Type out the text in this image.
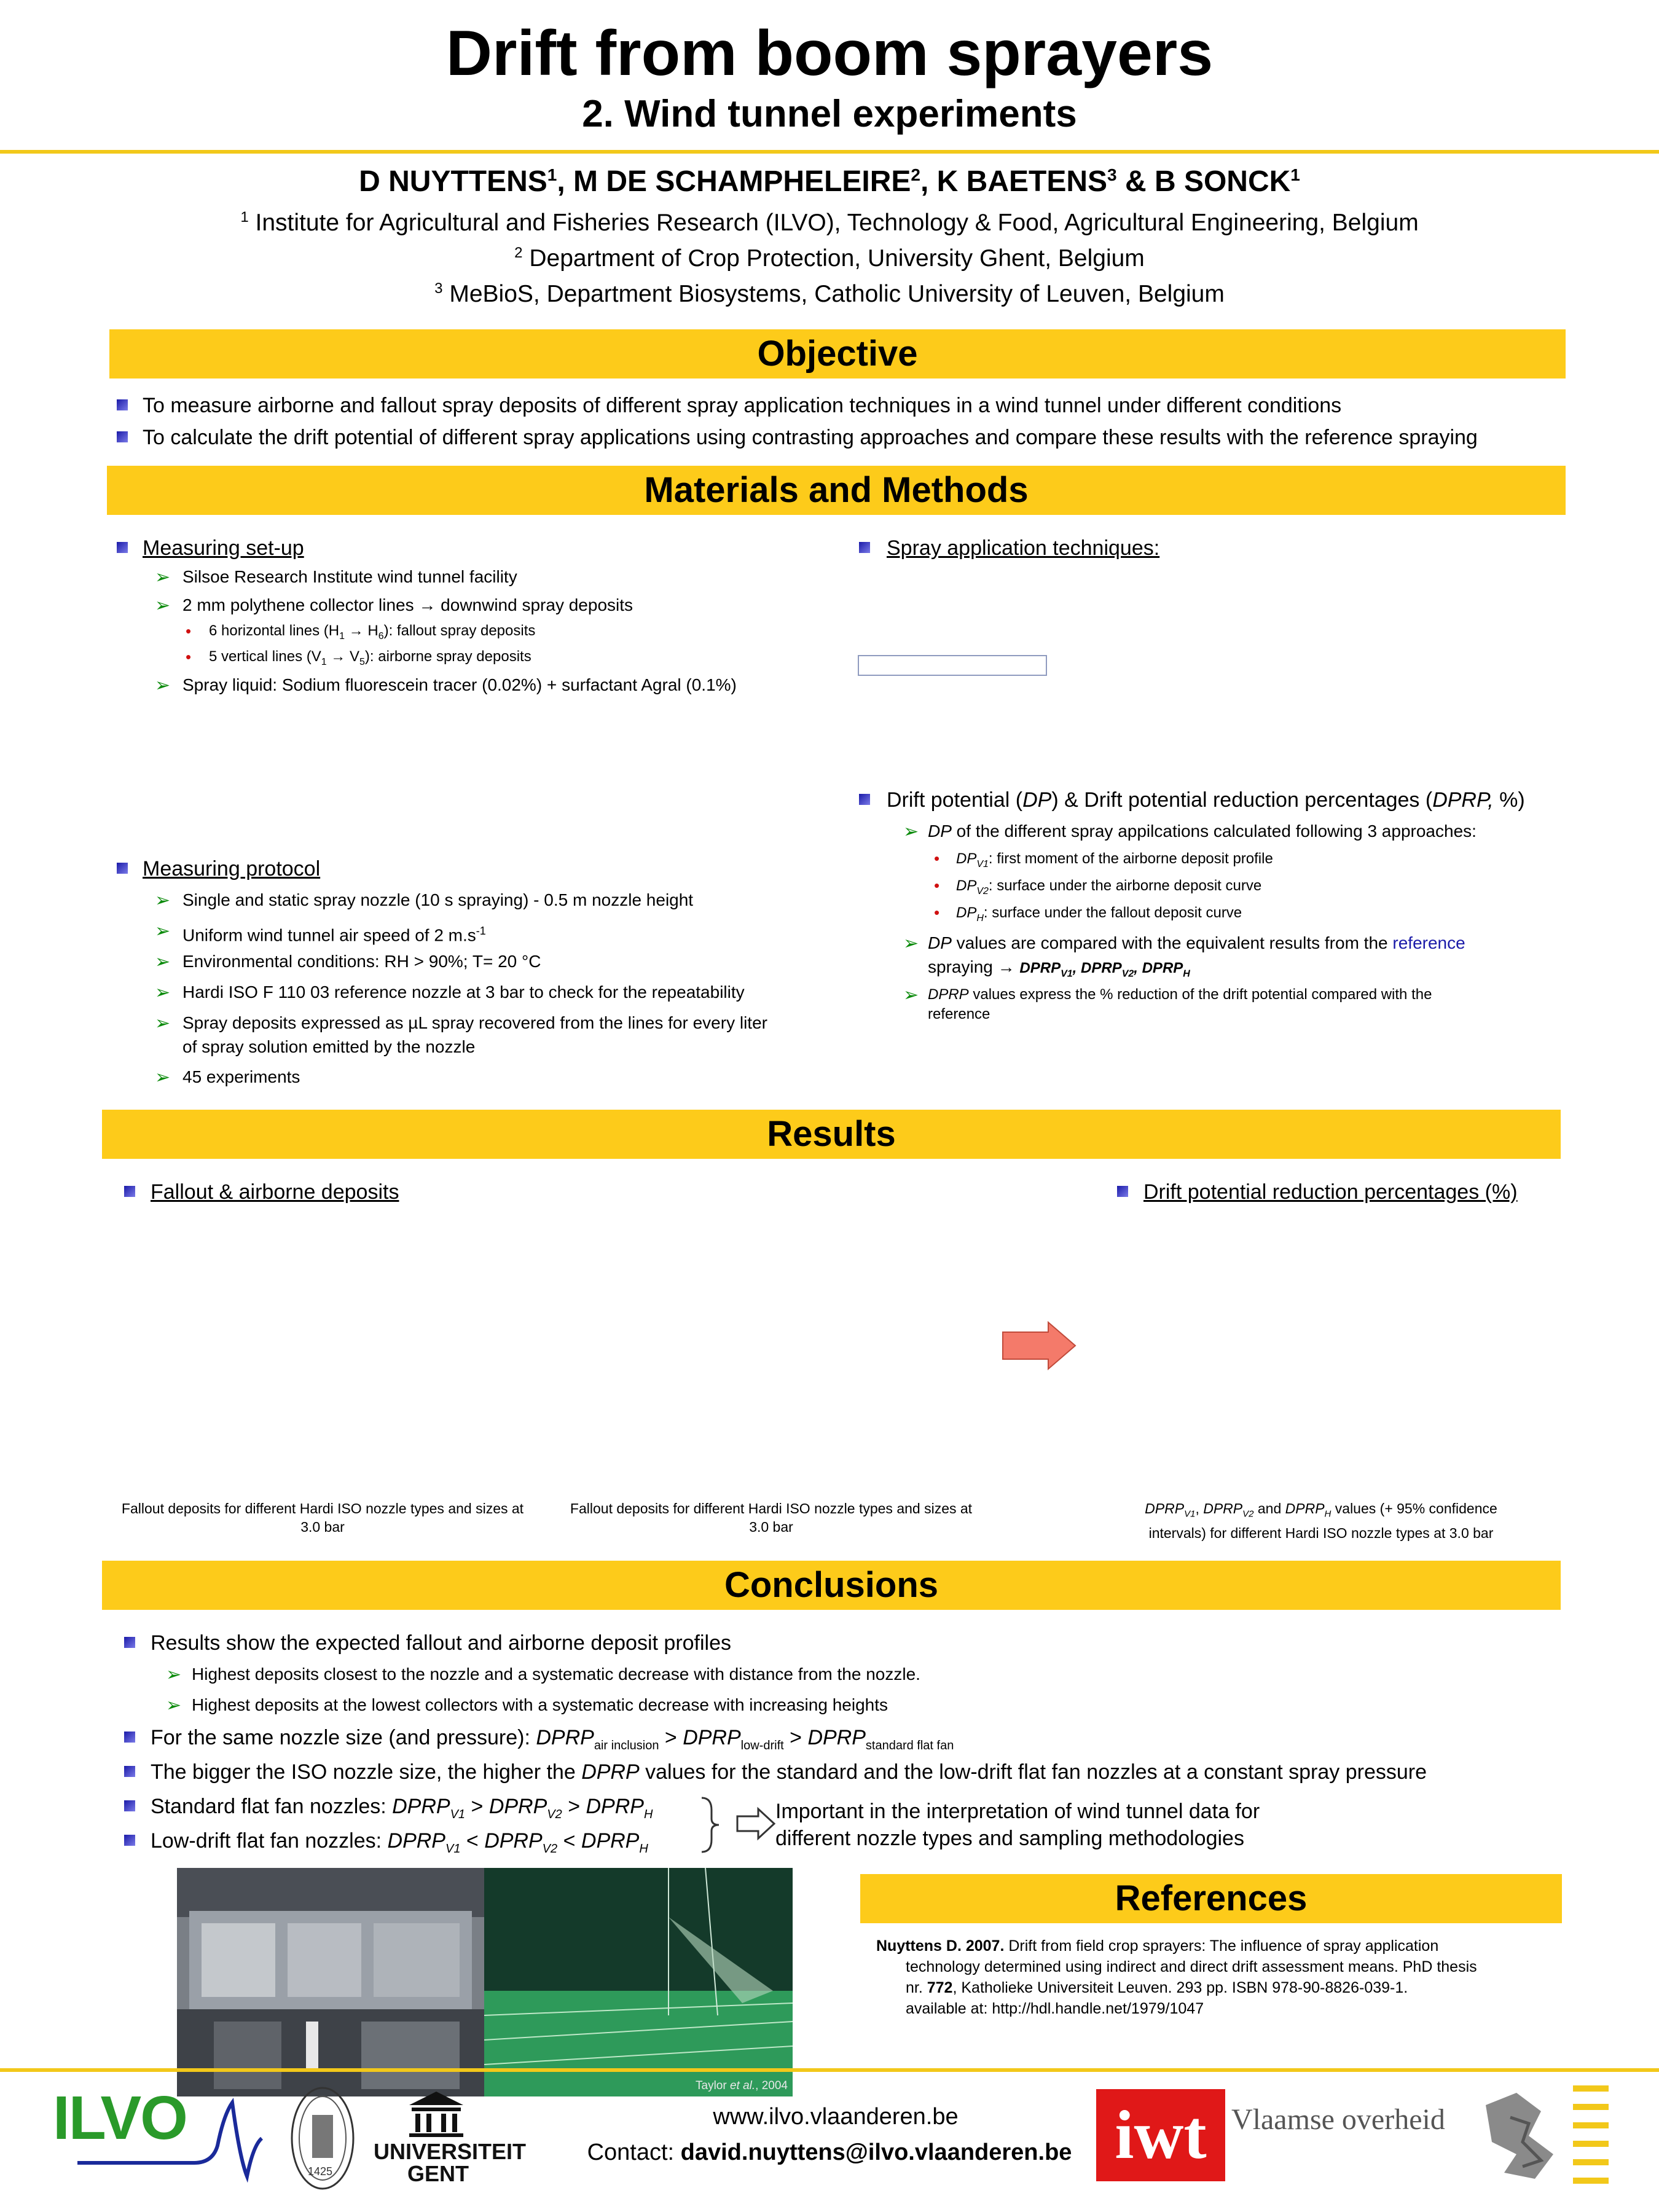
Drift from boom sprayers
2. Wind tunnel experiments
D NUYTTENS$^1$, M DE SCHAMPHELEIRE$^2$, K BAETENS$^3$ & B SONCK$^1$
$^1$ Institute for Agricultural and Fisheries Research (ILVO), Technology & Food, Agricultural Engineering, Belgium
$^2$ Department of Crop Protection, University Ghent, Belgium
$^3$ MeBioS, Department Biosystems, Catholic University of Leuven, Belgium
Objective
To measure airborne and fallout spray deposits of different spray application techniques in a wind tunnel under different conditions
To calculate the drift potential of different spray applications using contrasting approaches and compare these results with the reference spraying
Materials and Methods
Measuring set-up
➢ Silsoe Research Institute wind tunnel facility
➢ 2 mm polythene collector lines → downwind spray deposits
• 6 horizontal lines $(H_1 \to H_6)$: fallout spray deposits
• 5 vertical lines $(V_1 \to V_5)$: airborne spray deposits
➢ Spray liquid: Sodium fluorescein tracer (0.02%) + surfactant Agral (0.1%)
Measuring protocol
➢ Single and static spray nozzle (10 s spraying) - 0.5 m nozzle height
➢ Uniform wind tunnel air speed of 2 $m.s^{-1}$
➢ Environmental conditions: RH > 90%; T= 20 °C
➢ Hardi ISO F 110 03 reference nozzle at 3 bar to check for the repeatability
➢ Spray deposits expressed as µL spray recovered from the lines for every liter
of spray solution emitted by the nozzle
➢ 45 experiments
Spray application techniques:
Drift potential (DP) & Drift potential reduction percentages (DPRP, %)
➢ DP of the different spray appilcations calculated following 3 approaches:
• $DP_{V1}$: first moment of the airborne deposit profile
• $DP_{V2}$: surface under the airborne deposit curve
• $DP_H$: surface under the fallout deposit curve
➢ DP values are compared with the equivalent results from the reference
spraying → $DPRP_{V1}$, $DPRP_{V2}$, $DPRP_H$
➢ DPRP values express the % reduction of the drift potential compared with the
reference
Results
Fallout & airborne deposits	Drift potential reduction percentages (%)
Fallout deposits for different Hardi ISO nozzle types and sizes at
3.0 bar
Fallout deposits for different Hardi ISO nozzle types and sizes at
3.0 bar
$DPRP_{V1}$, $DPRP_{V2}$ and $DPRP_H$ values (+ 95% confidence
intervals) for different Hardi ISO nozzle types at 3.0 bar
Conclusions
Results show the expected fallout and airborne deposit profiles
➢ Highest deposits closest to the nozzle and a systematic decrease with distance from the nozzle.
➢ Highest deposits at the lowest collectors with a systematic decrease with increasing heights
For the same nozzle size (and pressure): $DPRP_{air inclusion}$ > $DPRP_{low-drift}$ > $DPRP_{standard flat fan}$
The bigger the ISO nozzle size, the higher the DPRP values for the standard and the low-drift flat fan nozzles at a constant spray pressure
Standard flat fan nozzles: $DPRP_{V1}$ > $DPRP_{V2}$ > $DPRP_H$
Low-drift flat fan nozzles: $DPRP_{V1}$ < $DPRP_{V2}$ < $DPRP_H$
Important in the interpretation of wind tunnel data for
different nozzle types and sampling methodologies
Taylor et al., 2004
References
Nuyttens D. 2007. Drift from field crop sprayers: The influence of spray application
technology determined using indirect and direct drift assessment means. PhD thesis
nr. 772, Katholieke Universiteit Leuven. 293 pp. ISBN 978-90-8826-039-1.
available at: http://hdl.handle.net/1979/1047
ILVO
1425
UNIVERSITEIT
GENT
www.ilvo.vlaanderen.be
Contact: david.nuyttens@ilvo.vlaanderen.be iwt Vlaamse overheid
